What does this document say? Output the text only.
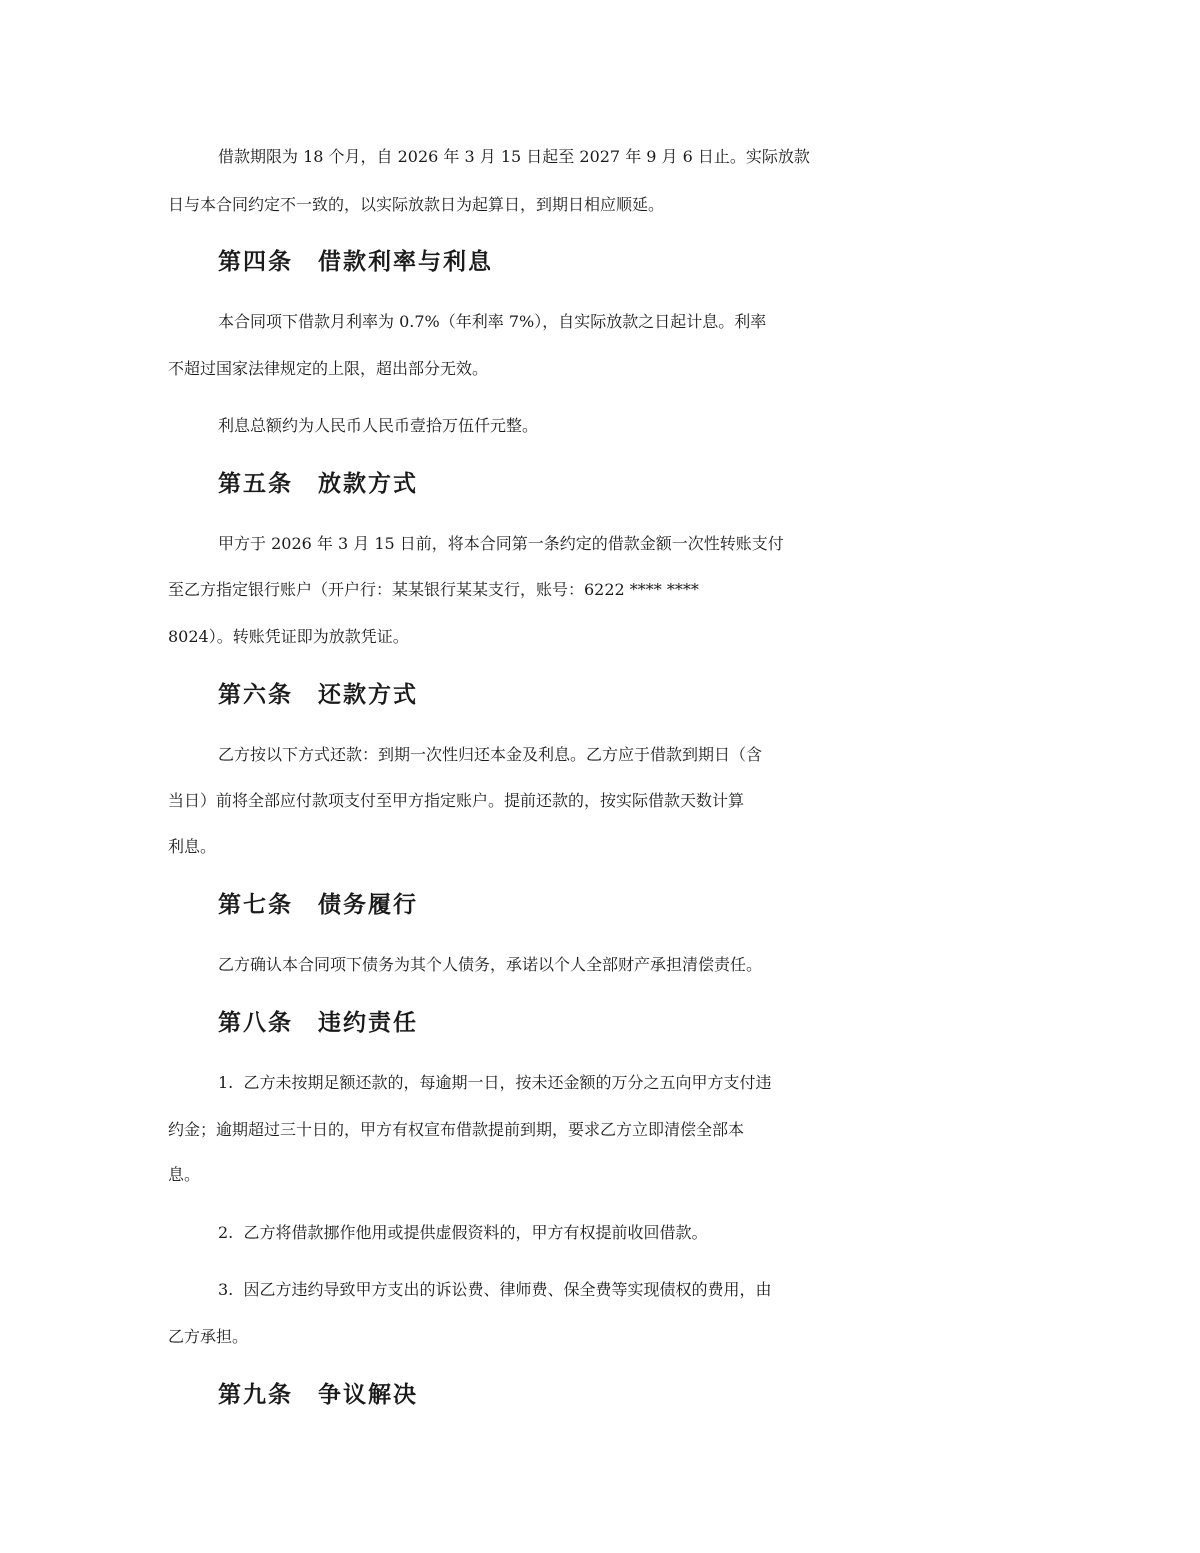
借款期限为 18 个月，自 2026 年 3 月 15 日起至 2027 年 9 月 6 日止。实际放款
日与本合同约定不一致的，以实际放款日为起算日，到期日相应顺延。
第四条　借款利率与利息
本合同项下借款月利率为 0.7%（年利率 7%），自实际放款之日起计息。利率
不超过国家法律规定的上限，超出部分无效。
利息总额约为人民币人民币壹拾万伍仟元整。
第五条　放款方式
甲方于 2026 年 3 月 15 日前，将本合同第一条约定的借款金额一次性转账支付
至乙方指定银行账户（开户行：某某银行某某支行，账号：6222 **** ****
8024）。转账凭证即为放款凭证。
第六条　还款方式
乙方按以下方式还款：到期一次性归还本金及利息。乙方应于借款到期日（含
当日）前将全部应付款项支付至甲方指定账户。提前还款的，按实际借款天数计算
利息。
第七条　债务履行
乙方确认本合同项下债务为其个人债务，承诺以个人全部财产承担清偿责任。
第八条　违约责任
1.  乙方未按期足额还款的，每逾期一日，按未还金额的万分之五向甲方支付违
约金；逾期超过三十日的，甲方有权宣布借款提前到期，要求乙方立即清偿全部本
息。
2.  乙方将借款挪作他用或提供虚假资料的，甲方有权提前收回借款。
3.  因乙方违约导致甲方支出的诉讼费、律师费、保全费等实现债权的费用，由
乙方承担。
第九条　争议解决
